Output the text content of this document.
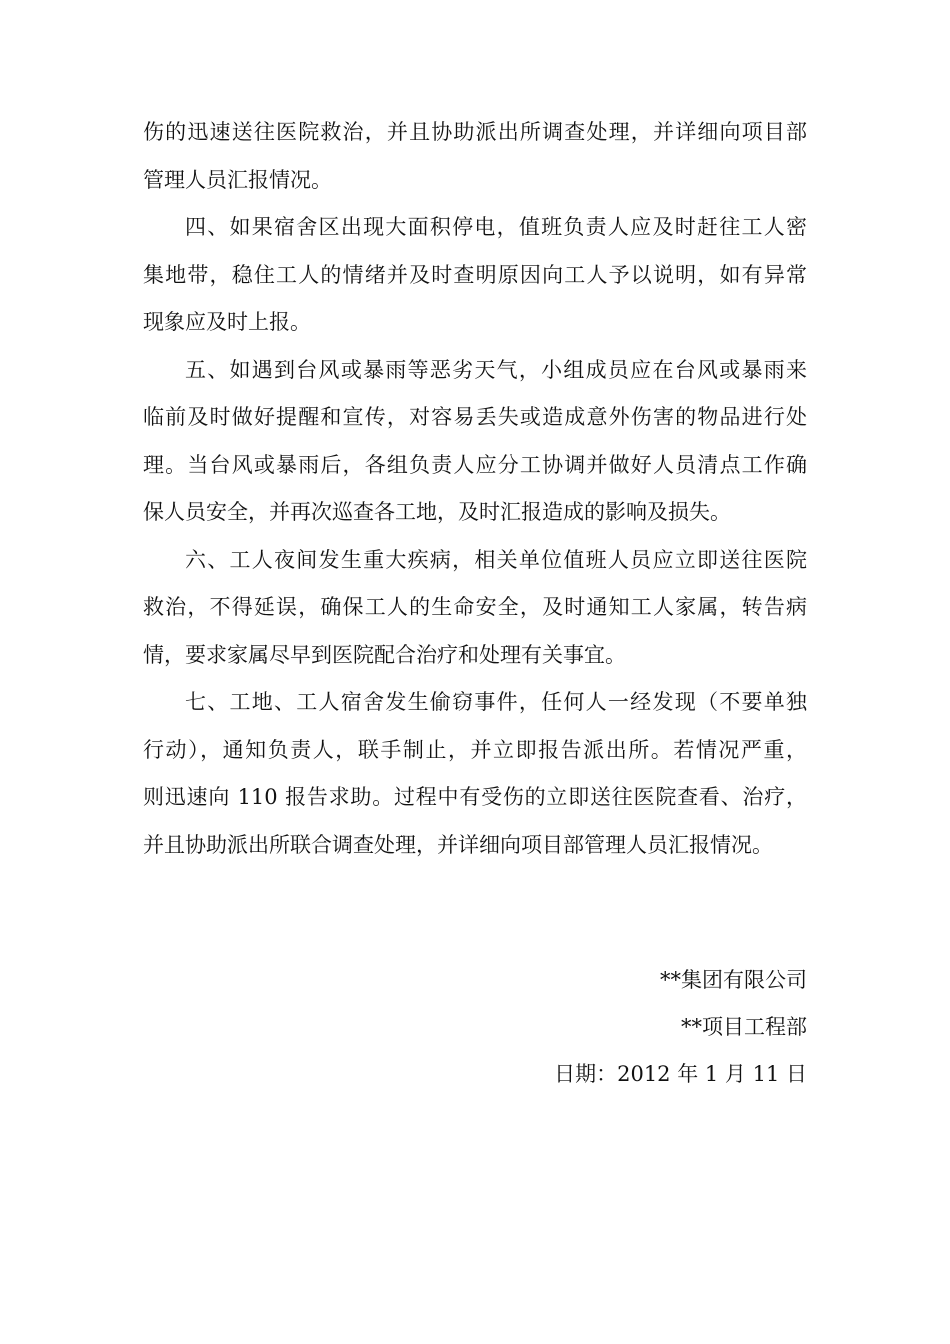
伤的迅速送往医院救治，并且协助派出所调查处理，并详细向项目部
管理人员汇报情况。
四、如果宿舍区出现大面积停电，值班负责人应及时赶往工人密
集地带，稳住工人的情绪并及时查明原因向工人予以说明，如有异常
现象应及时上报。
五、如遇到台风或暴雨等恶劣天气，小组成员应在台风或暴雨来
临前及时做好提醒和宣传，对容易丢失或造成意外伤害的物品进行处
理。当台风或暴雨后，各组负责人应分工协调并做好人员清点工作确
保人员安全，并再次巡查各工地，及时汇报造成的影响及损失。
六、工人夜间发生重大疾病，相关单位值班人员应立即送往医院
救治，不得延误，确保工人的生命安全，及时通知工人家属，转告病
情，要求家属尽早到医院配合治疗和处理有关事宜。
七、工地、工人宿舍发生偷窃事件，任何人一经发现（不要单独
行动），通知负责人，联手制止，并立即报告派出所。若情况严重，
则迅速向 110 报告求助。过程中有受伤的立即送往医院查看、治疗，
并且协助派出所联合调查处理，并详细向项目部管理人员汇报情况。
**集团有限公司
**项目工程部
日期：2012 年 1 月 11 日
